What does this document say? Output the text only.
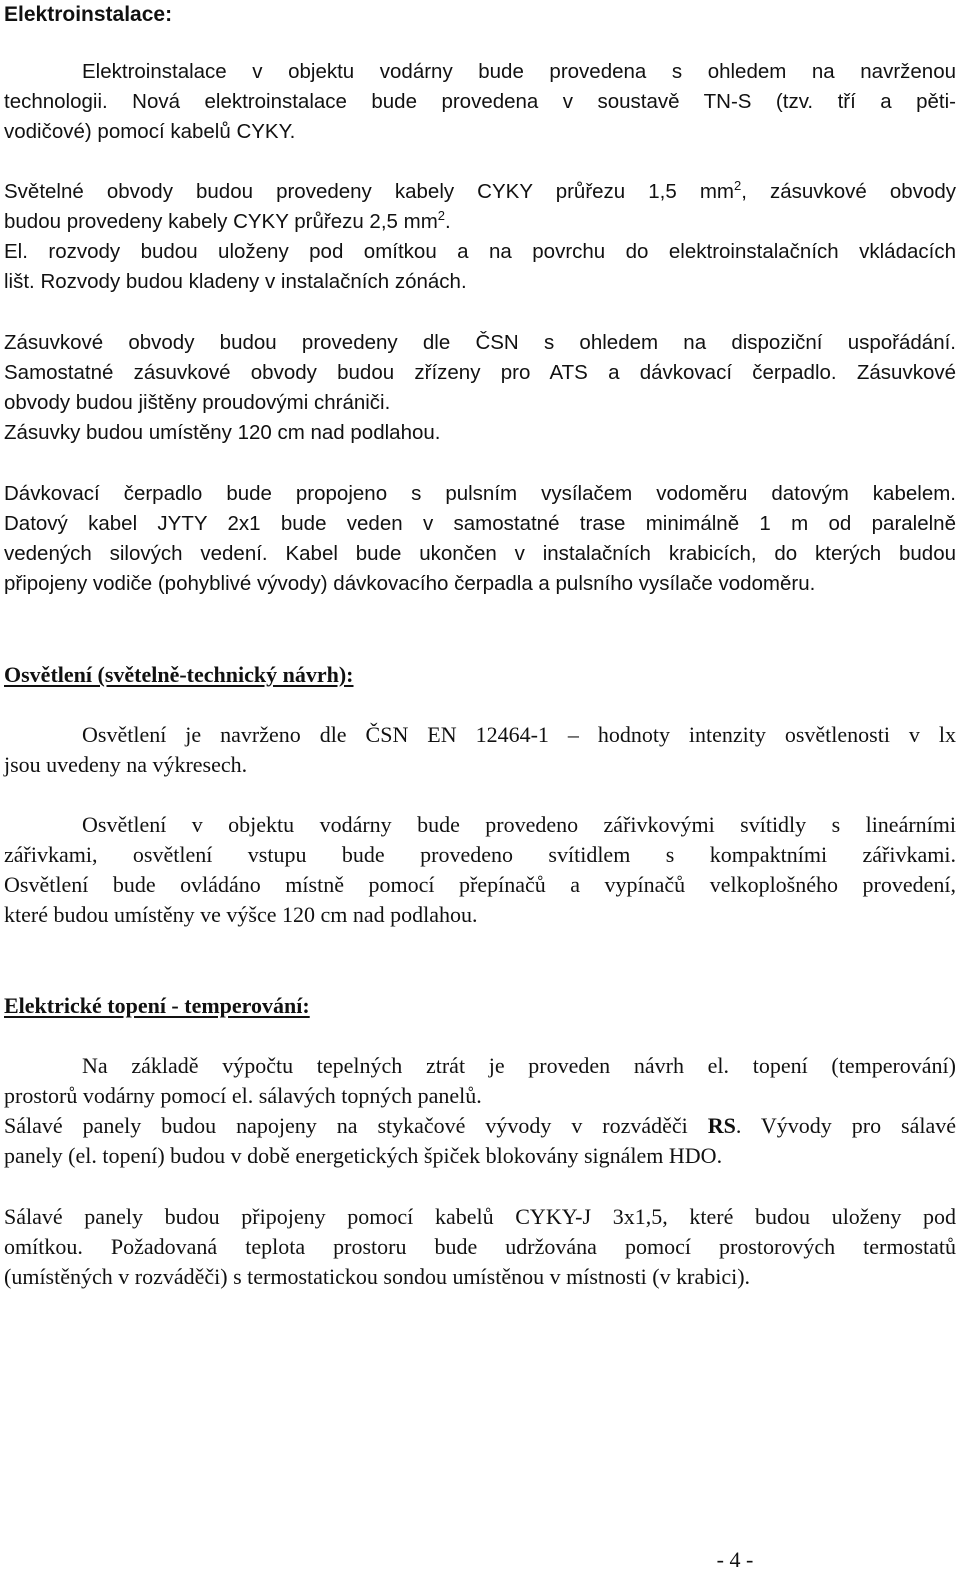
Elektroinstalace:
Elektroinstalace v objektu vodárny bude provedena s ohledem na navrženou
technologii. Nová elektroinstalace bude provedena v soustavě TN-S (tzv. tří a pěti-
vodičové) pomocí kabelů CYKY.
Světelné obvody budou provedeny kabely CYKY průřezu 1,5 $mm^2$, zásuvkové obvody
budou provedeny kabely CYKY průřezu 2,5 $mm^2$.
El. rozvody budou uloženy pod omítkou a na povrchu do elektroinstalačních vkládacích
lišt. Rozvody budou kladeny v instalačních zónách.
Zásuvkové obvody budou provedeny dle ČSN s ohledem na dispoziční uspořádání.
Samostatné zásuvkové obvody budou zřízeny pro ATS a dávkovací čerpadlo. Zásuvkové
obvody budou jištěny proudovými chrániči.
Zásuvky budou umístěny 120 cm nad podlahou.
Dávkovací čerpadlo bude propojeno s pulsním vysílačem vodoměru datovým kabelem.
Datový kabel JYTY 2x1 bude veden v samostatné trase minimálně 1 m od paralelně
vedených silových vedení. Kabel bude ukončen v instalačních krabicích, do kterých budou
připojeny vodiče (pohyblivé vývody) dávkovacího čerpadla a pulsního vysílače vodoměru.
Osvětlení (světelně-technický návrh):
Osvětlení je navrženo dle ČSN EN 12464-1 – hodnoty intenzity osvětlenosti v lx
jsou uvedeny na výkresech.
Osvětlení v objektu vodárny bude provedeno zářivkovými svítidly s lineárními
zářivkami, osvětlení vstupu bude provedeno svítidlem s kompaktními zářivkami.
Osvětlení bude ovládáno místně pomocí přepínačů a vypínačů velkoplošného provedení,
které budou umístěny ve výšce 120 cm nad podlahou.
Elektrické topení - temperování:
Na základě výpočtu tepelných ztrát je proveden návrh el. topení (temperování)
prostorů vodárny pomocí el. sálavých topných panelů.
Sálavé panely budou napojeny na stykačové vývody v rozváděči RS. Vývody pro sálavé
panely (el. topení) budou v době energetických špiček blokovány signálem HDO.
Sálavé panely budou připojeny pomocí kabelů CYKY-J 3x1,5, které budou uloženy pod
omítkou. Požadovaná teplota prostoru bude udržována pomocí prostorových termostatů
(umístěných v rozváděči) s termostatickou sondou umístěnou v místnosti (v krabici).
- 4 -
